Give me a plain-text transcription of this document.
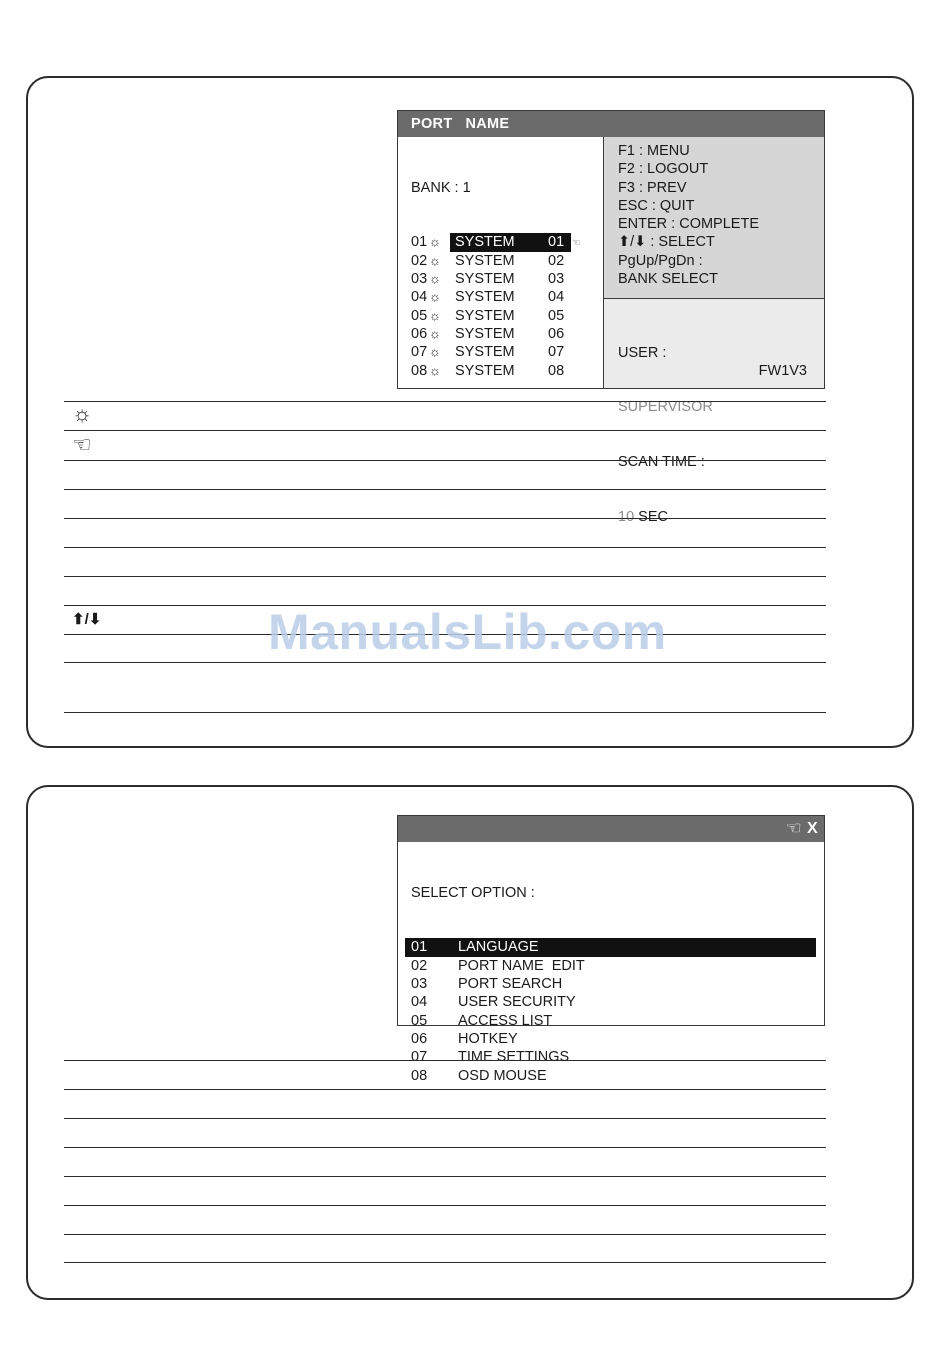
PORT   NAME

BANK : 1

01 ☼ SYSTEM	01 ☜
02 ☼ SYSTEM	02
03 ☼ SYSTEM	03
04 ☼ SYSTEM	04
05 ☼ SYSTEM	05
06 ☼ SYSTEM	06
07 ☼ SYSTEM	07
08 ☼ SYSTEM	08

F1 : MENU
F2 : LOGOUT
F3 : PREV
ESC : QUIT
ENTER : COMPLETE
⬆/⬇ : SELECT
PgUp/PgDn :
BANK SELECT

USER :

SUPERVISOR

SCAN TIME :

10 SEC

FW1V3
☼
☜
⬆/⬇

MAIN   MENU

☜

X

SELECT OPTION :

01 LANGUAGE
02 PORT NAME  EDIT
03 PORT SEARCH
04 USER SECURITY
05 ACCESS LIST
06 HOTKEY
07 TIME SETTINGS
08 OSD MOUSE

ManualsLib.com
